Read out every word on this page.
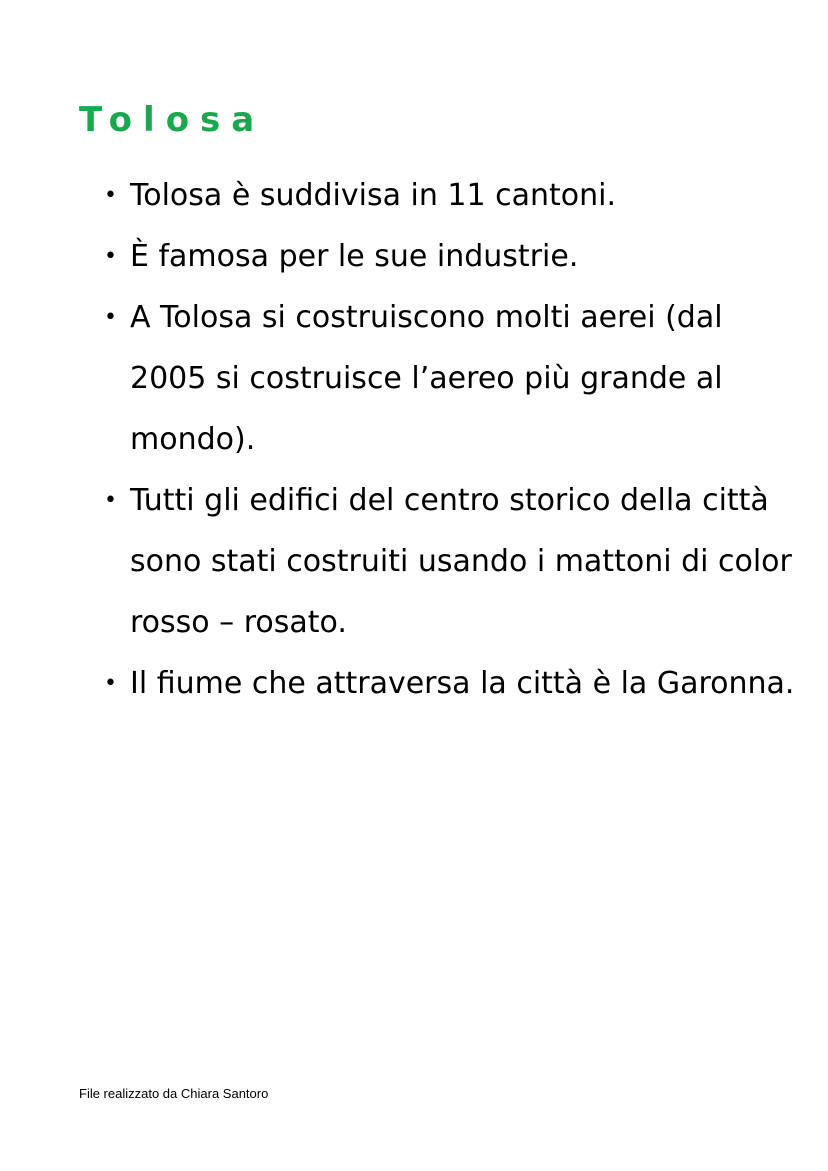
Tolosa
• Tolosa è suddivisa in 11 cantoni.
• È famosa per le sue industrie.
• A Tolosa si costruiscono molti aerei (dal 2005 si costruisce l’aereo più grande al mondo).
• Tutti gli edifici del centro storico della città sono stati costruiti usando i mattoni di color rosso – rosato.
• Il fiume che attraversa la città è la Garonna.

File realizzato da Chiara Santoro
